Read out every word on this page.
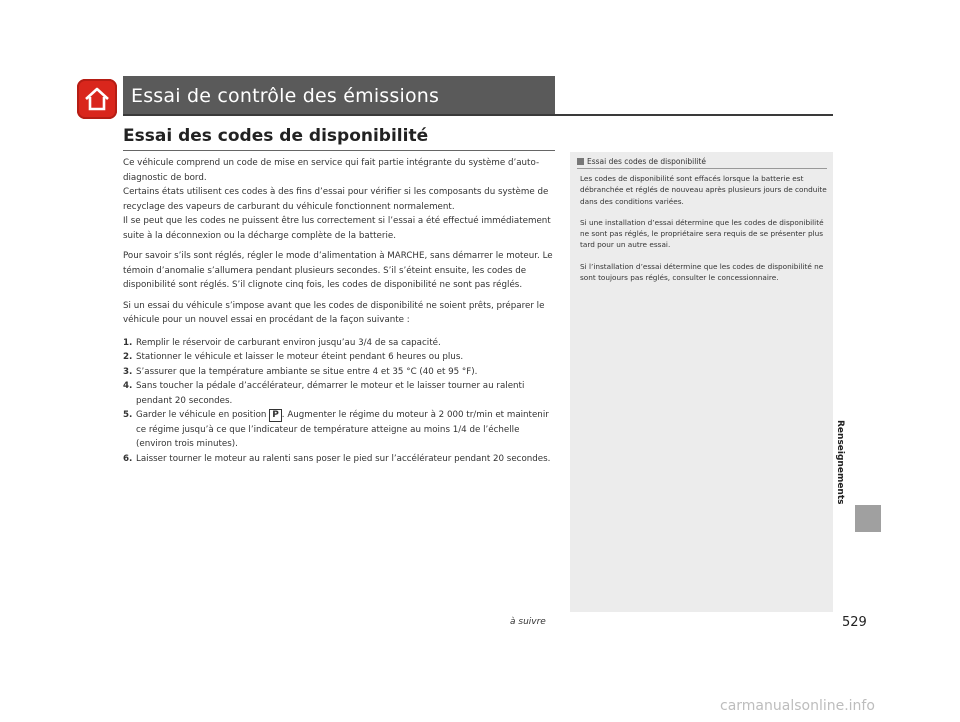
Essai de contrôle des émissions
Essai des codes de disponibilité

Ce véhicule comprend un code de mise en service qui fait partie intégrante du système d’auto-diagnostic de bord.
Certains états utilisent ces codes à des fins d’essai pour vérifier si les composants du système de recyclage des vapeurs de carburant du véhicule fonctionnent normalement.
Il se peut que les codes ne puissent être lus correctement si l’essai a été effectué immédiatement suite à la déconnexion ou la décharge complète de la batterie.

Pour savoir s’ils sont réglés, régler le mode d’alimentation à MARCHE, sans démarrer le moteur. Le témoin d’anomalie s’allumera pendant plusieurs secondes. S’il s’éteint ensuite, les codes de disponibilité sont réglés. S’il clignote cinq fois, les codes de disponibilité ne sont pas réglés.

Si un essai du véhicule s’impose avant que les codes de disponibilité ne soient prêts, préparer le véhicule pour un nouvel essai en procédant de la façon suivante :

1. Remplir le réservoir de carburant environ jusqu’au 3/4 de sa capacité.
2. Stationner le véhicule et laisser le moteur éteint pendant 6 heures ou plus.
3. S’assurer que la température ambiante se situe entre 4 et 35 °C (40 et 95 °F).
4. Sans toucher la pédale d’accélérateur, démarrer le moteur et le laisser tourner au ralenti pendant 20 secondes.
5. Garder le véhicule en position P . Augmenter le régime du moteur à 2 000 tr/min et maintenir ce régime jusqu’à ce que l’indicateur de température atteigne au moins 1/4 de l’échelle (environ trois minutes).
6. Laisser tourner le moteur au ralenti sans poser le pied sur l’accélérateur pendant 20 secondes.
Essai des codes de disponibilité

Les codes de disponibilité sont effacés lorsque la batterie est débranchée et réglés de nouveau après plusieurs jours de conduite dans des conditions variées.

Si une installation d’essai détermine que les codes de disponibilité ne sont pas réglés, le propriétaire sera requis de se présenter plus tard pour un autre essai.

Si l’installation d’essai détermine que les codes de disponibilité ne sont toujours pas réglés, consulter le concessionnaire.

Renseignements
à suivre	529
carmanualsonline.info
